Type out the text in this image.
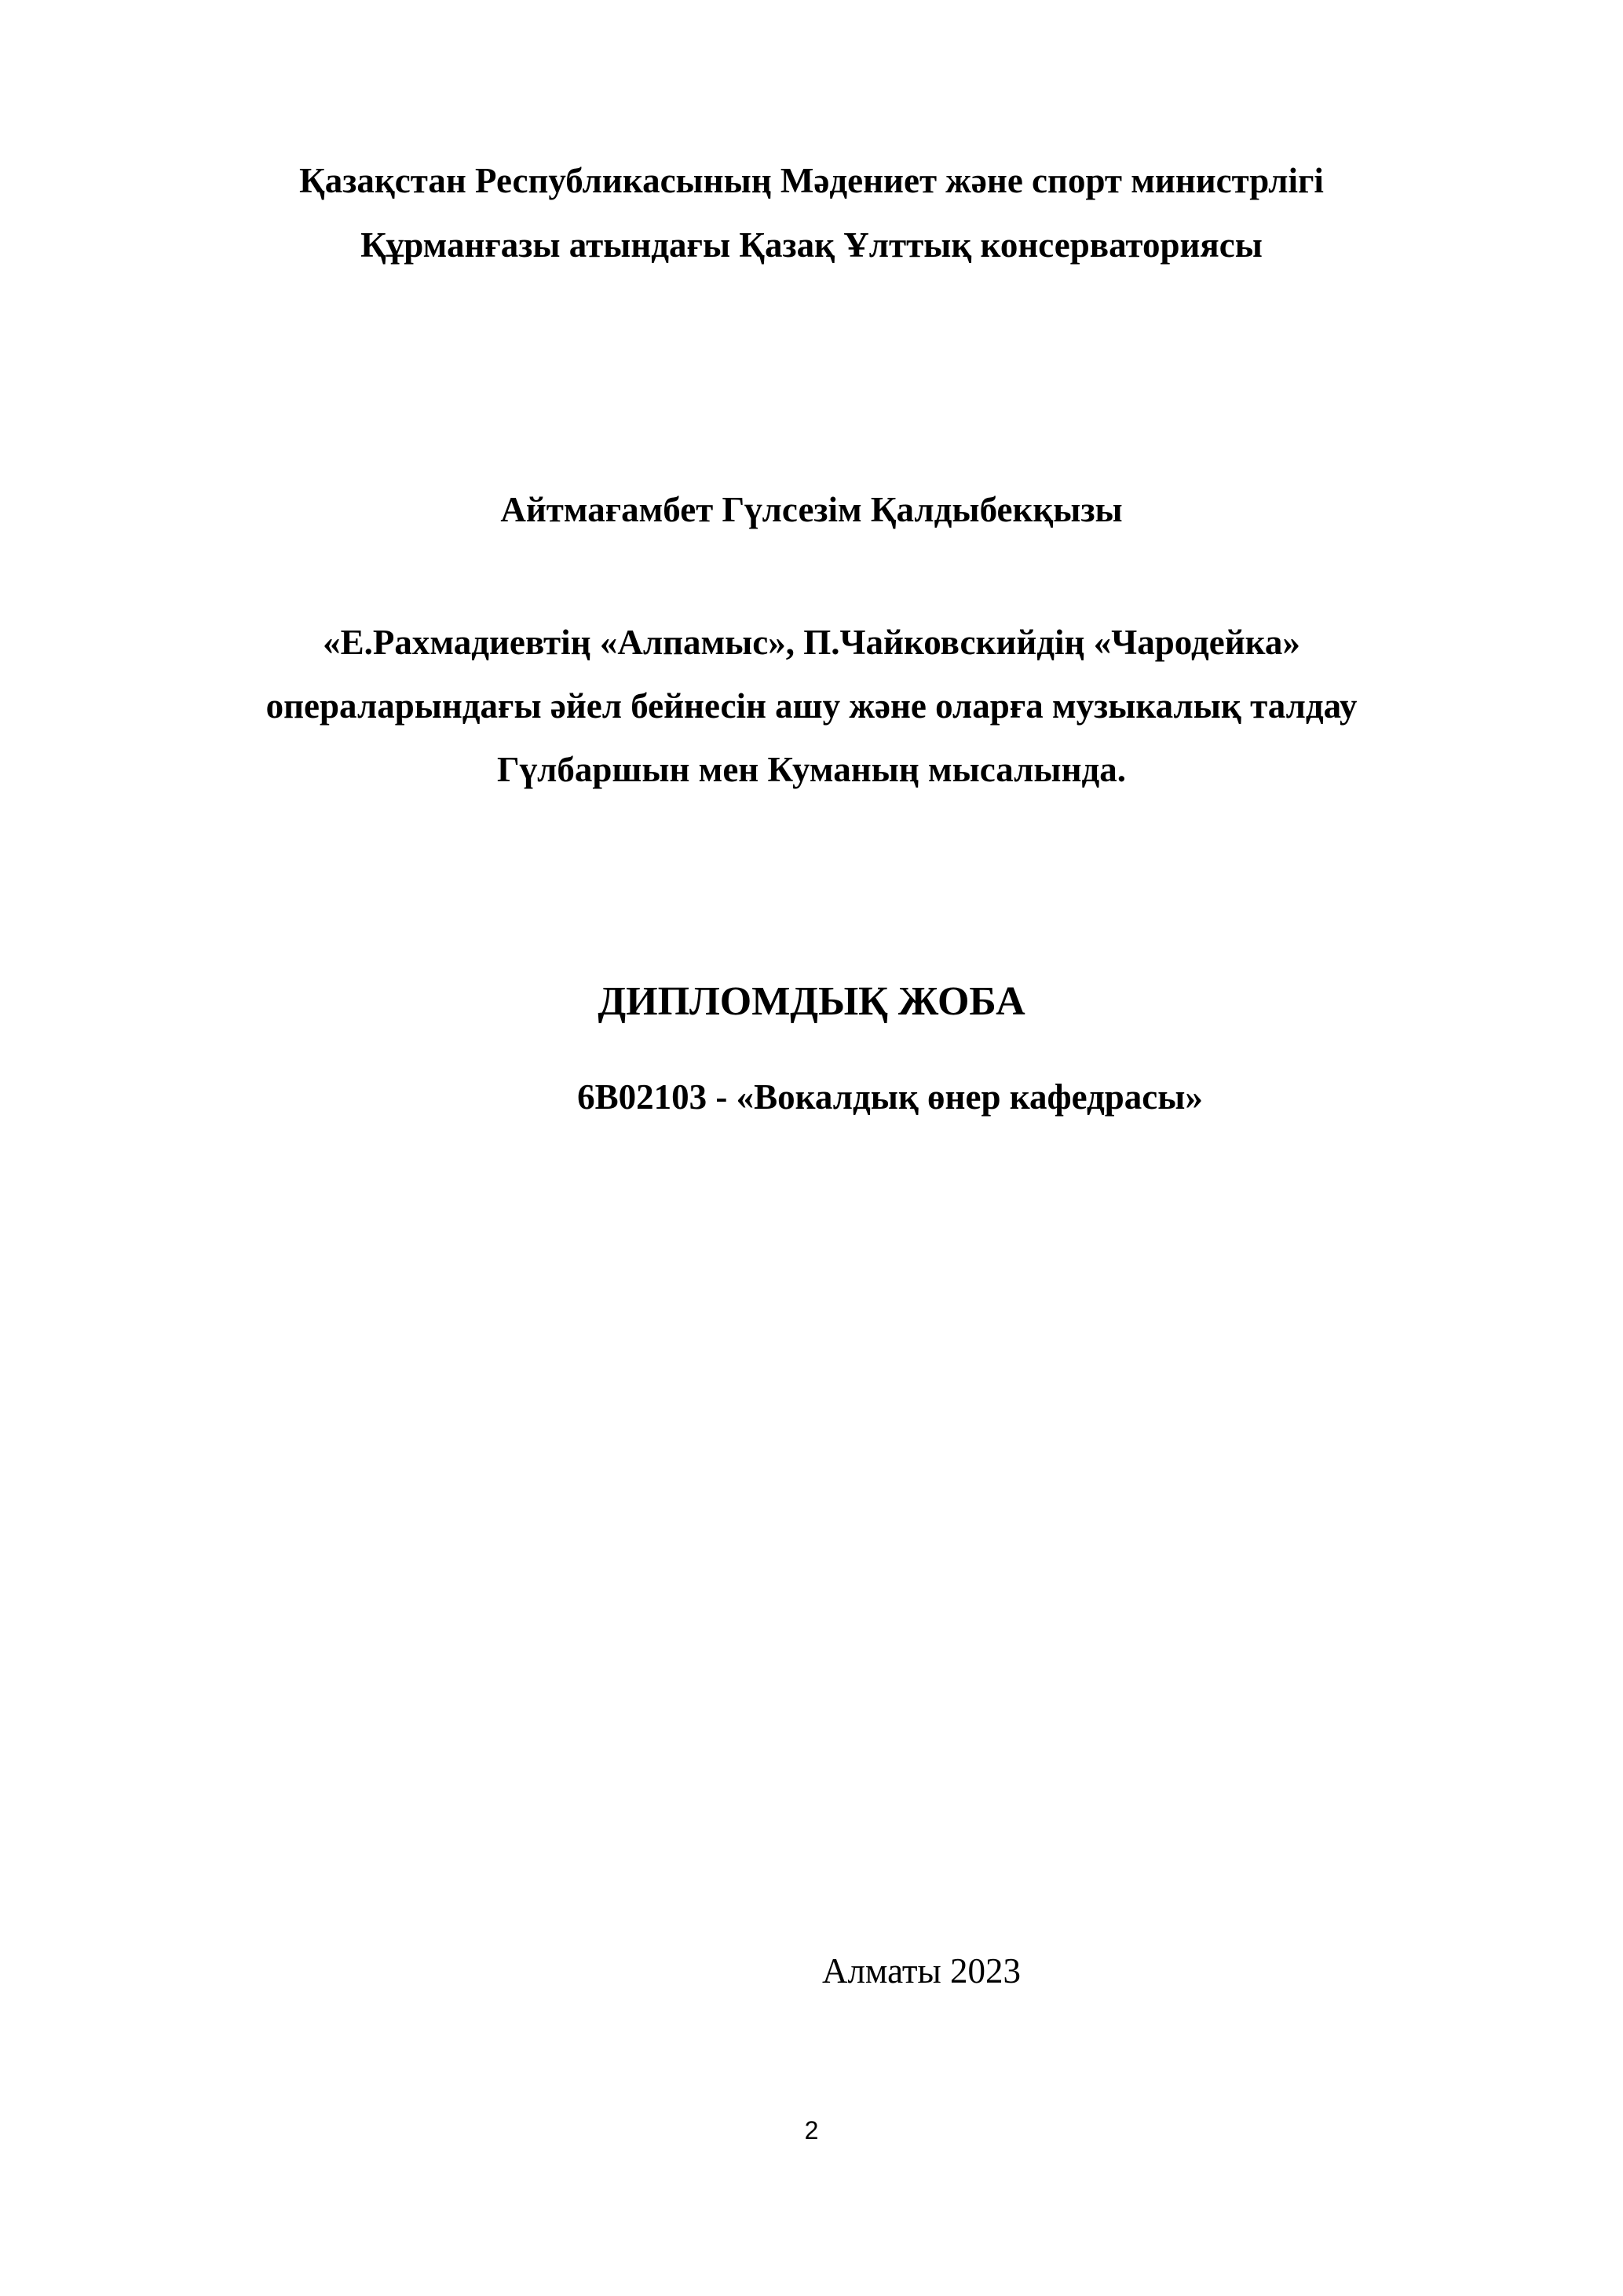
Қазақстан Республикасының Мәдениет және спорт министрлігі
Құрманғазы атындағы Қазақ Ұлттық консерваториясы
Айтмағамбет Гүлсезім Қалдыбекқызы
«Е.Рахмадиевтің «Алпамыс», П.Чайковскийдің «Чародейка»
операларындағы әйел бейнесін ашу және оларға музыкалық талдау
Гүлбаршын мен Куманың мысалында.
ДИПЛОМДЫҚ ЖОБА
6B02103 - «Вокалдық өнер кафедрасы»
Алматы 2023
2
